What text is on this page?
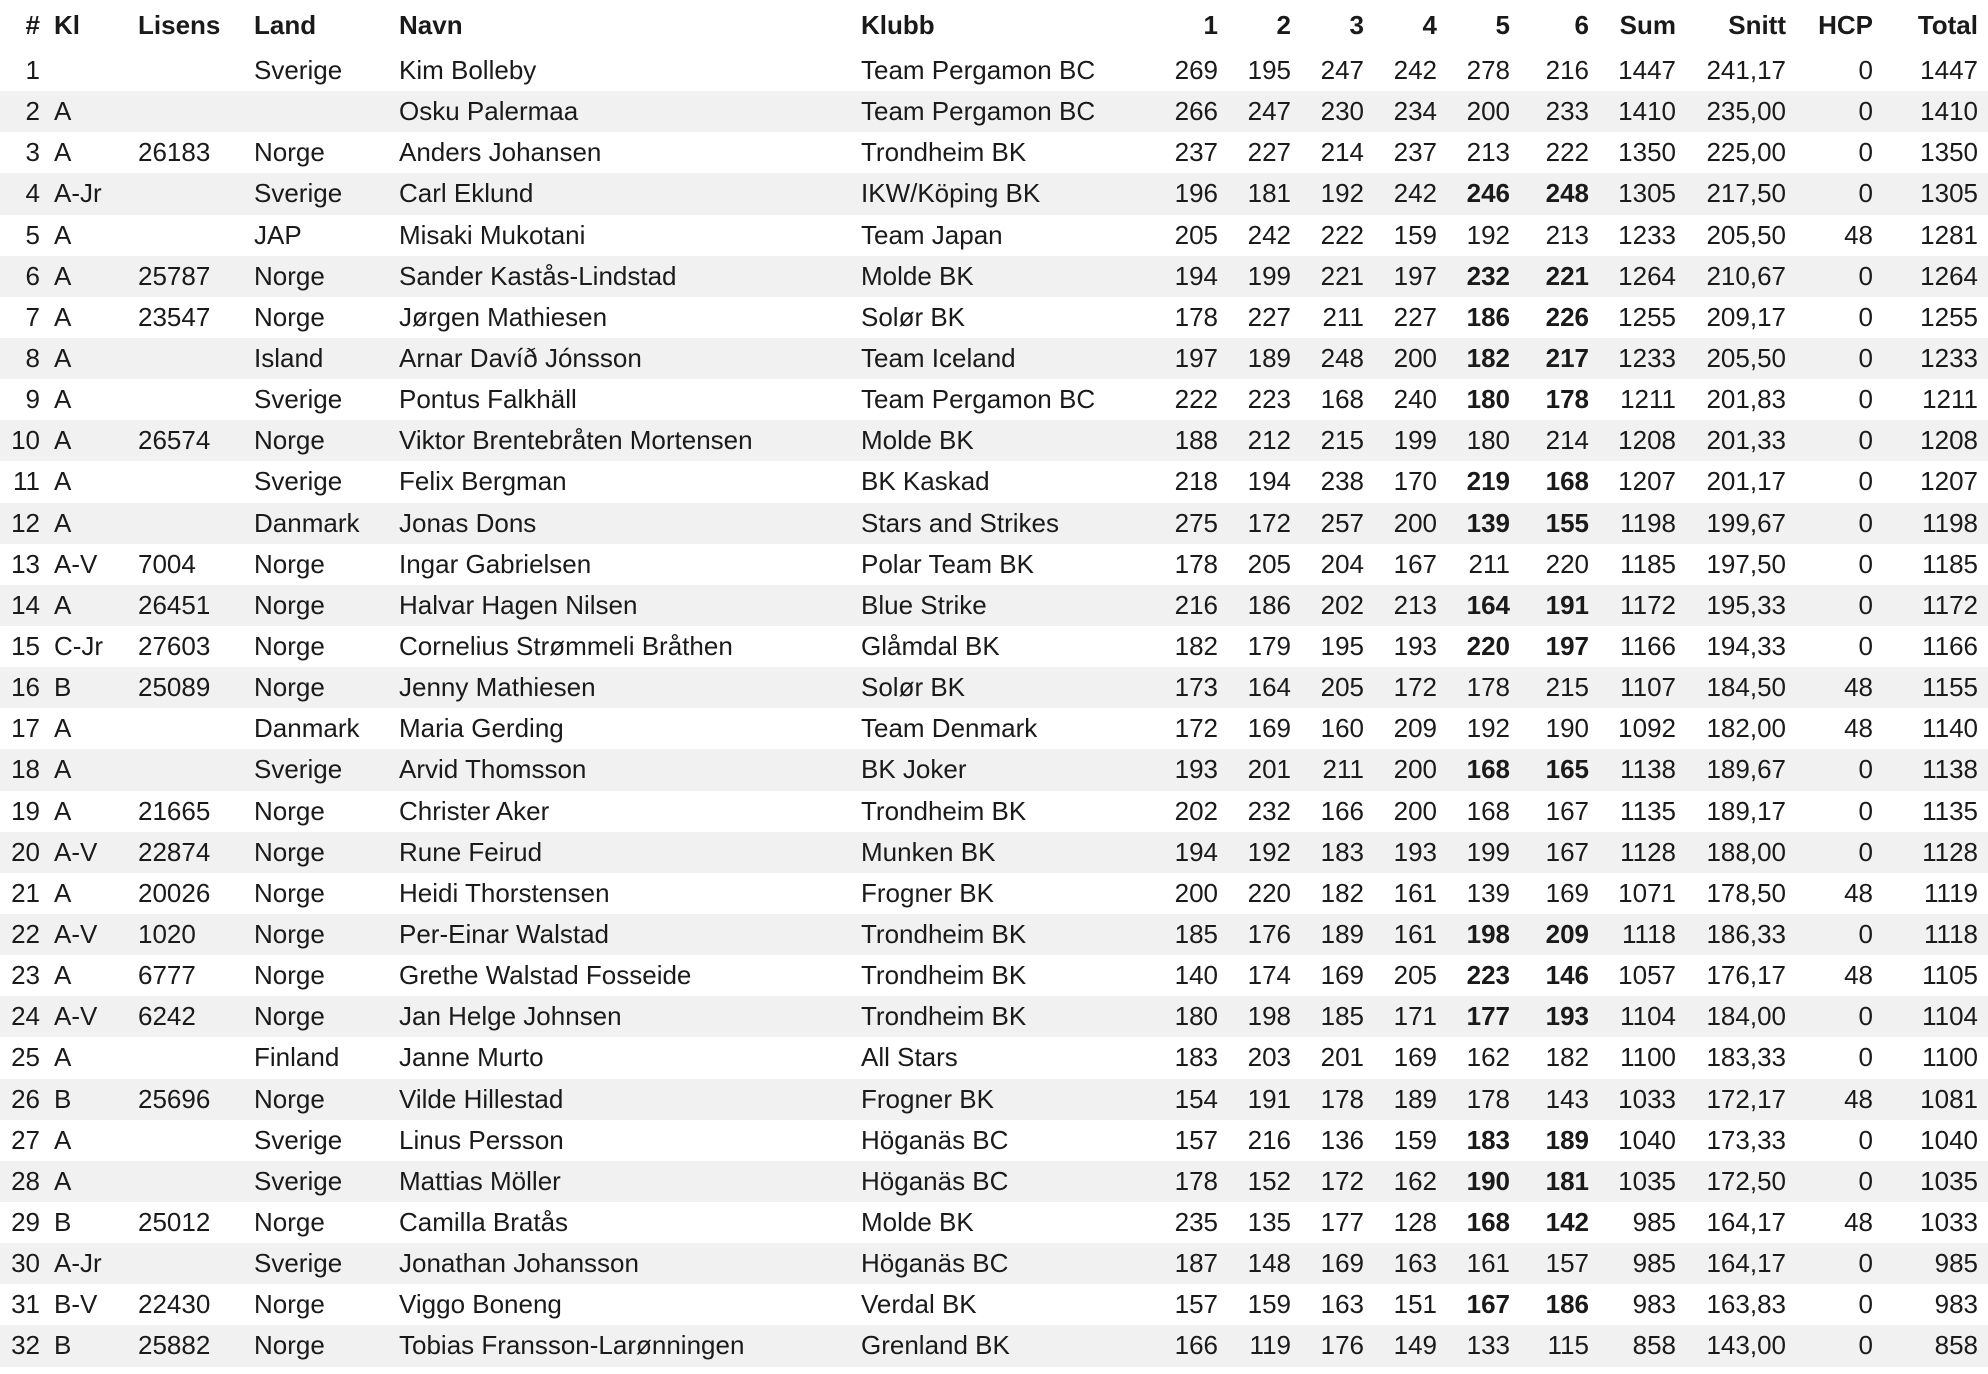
#	Kl	Lisens	Land	Navn	Klubb	1	2	3	4	5	6	Sum	Snitt	HCP	Total
1			Sverige	Kim Bolleby	Team Pergamon BC	269	195	247	242	278	216	1447	241,17	0	1447
2	A			Osku Palermaa	Team Pergamon BC	266	247	230	234	200	233	1410	235,00	0	1410
3	A	26183	Norge	Anders Johansen	Trondheim BK	237	227	214	237	213	222	1350	225,00	0	1350
4	A-Jr		Sverige	Carl Eklund	IKW/Köping BK	196	181	192	242	246	248	1305	217,50	0	1305
5	A		JAP	Misaki Mukotani	Team Japan	205	242	222	159	192	213	1233	205,50	48	1281
6	A	25787	Norge	Sander Kastås-Lindstad	Molde BK	194	199	221	197	232	221	1264	210,67	0	1264
7	A	23547	Norge	Jørgen Mathiesen	Solør BK	178	227	211	227	186	226	1255	209,17	0	1255
8	A		Island	Arnar Davíð Jónsson	Team Iceland	197	189	248	200	182	217	1233	205,50	0	1233
9	A		Sverige	Pontus Falkhäll	Team Pergamon BC	222	223	168	240	180	178	1211	201,83	0	1211
10	A	26574	Norge	Viktor Brentebråten Mortensen	Molde BK	188	212	215	199	180	214	1208	201,33	0	1208
11	A		Sverige	Felix Bergman	BK Kaskad	218	194	238	170	219	168	1207	201,17	0	1207
12	A		Danmark	Jonas Dons	Stars and Strikes	275	172	257	200	139	155	1198	199,67	0	1198
13	A-V	7004	Norge	Ingar Gabrielsen	Polar Team BK	178	205	204	167	211	220	1185	197,50	0	1185
14	A	26451	Norge	Halvar Hagen Nilsen	Blue Strike	216	186	202	213	164	191	1172	195,33	0	1172
15	C-Jr	27603	Norge	Cornelius Strømmeli Bråthen	Glåmdal BK	182	179	195	193	220	197	1166	194,33	0	1166
16	B	25089	Norge	Jenny Mathiesen	Solør BK	173	164	205	172	178	215	1107	184,50	48	1155
17	A		Danmark	Maria Gerding	Team Denmark	172	169	160	209	192	190	1092	182,00	48	1140
18	A		Sverige	Arvid Thomsson	BK Joker	193	201	211	200	168	165	1138	189,67	0	1138
19	A	21665	Norge	Christer Aker	Trondheim BK	202	232	166	200	168	167	1135	189,17	0	1135
20	A-V	22874	Norge	Rune Feirud	Munken BK	194	192	183	193	199	167	1128	188,00	0	1128
21	A	20026	Norge	Heidi Thorstensen	Frogner BK	200	220	182	161	139	169	1071	178,50	48	1119
22	A-V	1020	Norge	Per-Einar Walstad	Trondheim BK	185	176	189	161	198	209	1118	186,33	0	1118
23	A	6777	Norge	Grethe Walstad Fosseide	Trondheim BK	140	174	169	205	223	146	1057	176,17	48	1105
24	A-V	6242	Norge	Jan Helge Johnsen	Trondheim BK	180	198	185	171	177	193	1104	184,00	0	1104
25	A		Finland	Janne Murto	All Stars	183	203	201	169	162	182	1100	183,33	0	1100
26	B	25696	Norge	Vilde Hillestad	Frogner BK	154	191	178	189	178	143	1033	172,17	48	1081
27	A		Sverige	Linus Persson	Höganäs BC	157	216	136	159	183	189	1040	173,33	0	1040
28	A		Sverige	Mattias Möller	Höganäs BC	178	152	172	162	190	181	1035	172,50	0	1035
29	B	25012	Norge	Camilla Bratås	Molde BK	235	135	177	128	168	142	985	164,17	48	1033
30	A-Jr		Sverige	Jonathan Johansson	Höganäs BC	187	148	169	163	161	157	985	164,17	0	985
31	B-V	22430	Norge	Viggo Boneng	Verdal BK	157	159	163	151	167	186	983	163,83	0	983
32	B	25882	Norge	Tobias Fransson-Larønningen	Grenland BK	166	119	176	149	133	115	858	143,00	0	858
